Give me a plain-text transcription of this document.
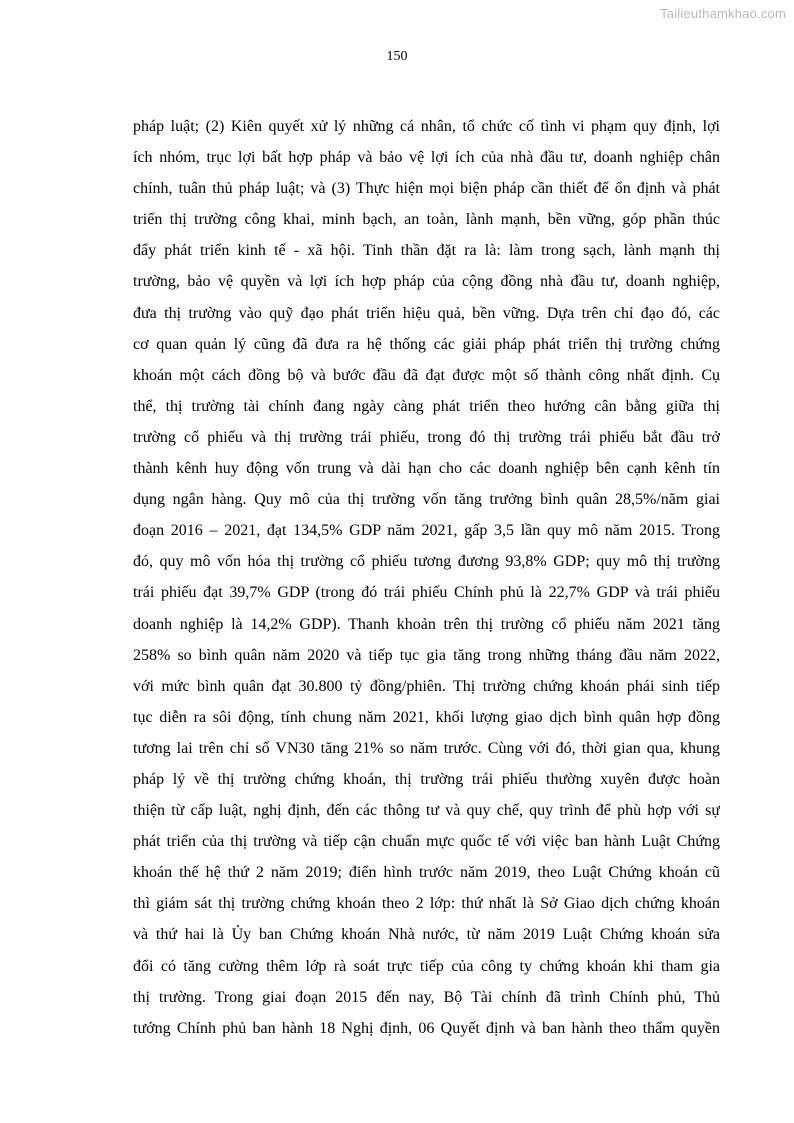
Tailieuthamkhao.com
150

pháp luật; (2) Kiên quyết xử lý những cá nhân, tổ chức cố tình vi phạm quy định, lợi
ích nhóm, trục lợi bất hợp pháp và bảo vệ lợi ích của nhà đầu tư, doanh nghiệp chân
chính, tuân thủ pháp luật; và (3) Thực hiện mọi biện pháp cần thiết để ổn định và phát
triển thị trường công khai, minh bạch, an toàn, lành mạnh, bền vững, góp phần thúc
đẩy phát triển kinh tế - xã hội. Tinh thần đặt ra là: làm trong sạch, lành mạnh thị
trường, bảo vệ quyền và lợi ích hợp pháp của cộng đồng nhà đầu tư, doanh nghiệp,
đưa thị trường vào quỹ đạo phát triển hiệu quả, bền vững. Dựa trên chỉ đạo đó, các
cơ quan quản lý cũng đã đưa ra hệ thống các giải pháp phát triển thị trường chứng
khoán một cách đồng bộ và bước đầu đã đạt được một số thành công nhất định. Cụ
thể, thị trường tài chính đang ngày càng phát triển theo hướng cân bằng giữa thị
trường cổ phiếu và thị trường trái phiếu, trong đó thị trường trái phiếu bắt đầu trở
thành kênh huy động vốn trung và dài hạn cho các doanh nghiệp bên cạnh kênh tín
dụng ngân hàng. Quy mô của thị trường vốn tăng trưởng bình quân 28,5%/năm giai
đoạn 2016 – 2021, đạt 134,5% GDP năm 2021, gấp 3,5 lần quy mô năm 2015. Trong
đó, quy mô vốn hóa thị trường cổ phiếu tương đương 93,8% GDP; quy mô thị trường
trái phiếu đạt 39,7% GDP (trong đó trái phiếu Chính phủ là 22,7% GDP và trái phiếu
doanh nghiệp là 14,2% GDP). Thanh khoản trên thị trường cổ phiếu năm 2021 tăng
258% so bình quân năm 2020 và tiếp tục gia tăng trong những tháng đầu năm 2022,
với mức bình quân đạt 30.800 tỷ đồng/phiên. Thị trường chứng khoán phái sinh tiếp
tục diễn ra sôi động, tính chung năm 2021, khối lượng giao dịch bình quân hợp đồng
tương lai trên chỉ số VN30 tăng 21% so năm trước. Cùng với đó, thời gian qua, khung
pháp lý về thị trường chứng khoán, thị trường trái phiếu thường xuyên được hoàn
thiện từ cấp luật, nghị định, đến các thông tư và quy chế, quy trình để phù hợp với sự
phát triển của thị trường và tiếp cận chuẩn mực quốc tế với việc ban hành Luật Chứng
khoán thế hệ thứ 2 năm 2019; điển hình trước năm 2019, theo Luật Chứng khoán cũ
thì giám sát thị trường chứng khoán theo 2 lớp: thứ nhất là Sở Giao dịch chứng khoán
và thứ hai là Ủy ban Chứng khoán Nhà nước, từ năm 2019 Luật Chứng khoán sửa
đổi có tăng cường thêm lớp rà soát trực tiếp của công ty chứng khoán khi tham gia
thị trường. Trong giai đoạn 2015 đến nay, Bộ Tài chính đã trình Chính phủ, Thủ
tướng Chính phủ ban hành 18 Nghị định, 06 Quyết định và ban hành theo thẩm quyền
